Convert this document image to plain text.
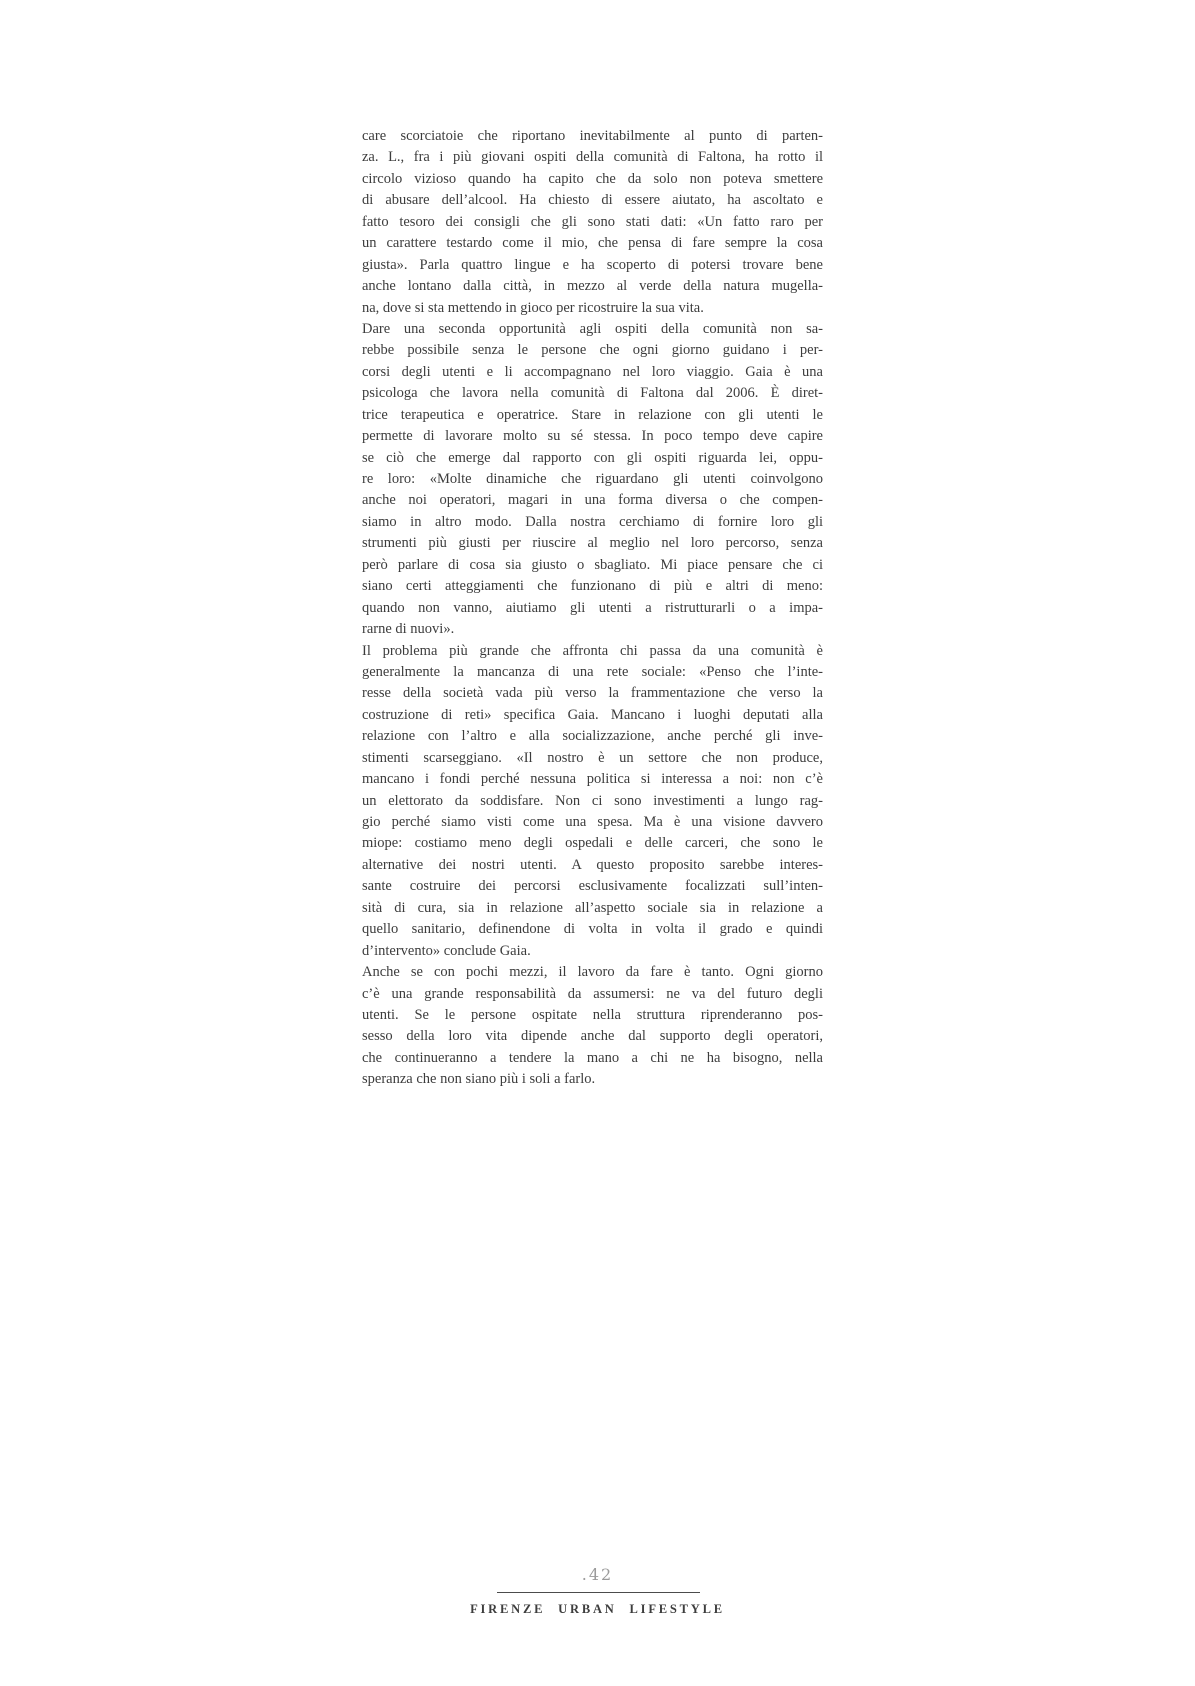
care scorciatoie che riportano inevitabilmente al punto di parten-
za. L., fra i più giovani ospiti della comunità di Faltona, ha rotto il
circolo vizioso quando ha capito che da solo non poteva smettere
di abusare dell’alcool. Ha chiesto di essere aiutato, ha ascoltato e
fatto tesoro dei consigli che gli sono stati dati: «Un fatto raro per
un carattere testardo come il mio, che pensa di fare sempre la cosa
giusta». Parla quattro lingue e ha scoperto di potersi trovare bene
anche lontano dalla città, in mezzo al verde della natura mugella-
na, dove si sta mettendo in gioco per ricostruire la sua vita.
Dare una seconda opportunità agli ospiti della comunità non sa-
rebbe possibile senza le persone che ogni giorno guidano i per-
corsi degli utenti e li accompagnano nel loro viaggio. Gaia è una
psicologa che lavora nella comunità di Faltona dal 2006. È diret-
trice terapeutica e operatrice. Stare in relazione con gli utenti le
permette di lavorare molto su sé stessa. In poco tempo deve capire
se ciò che emerge dal rapporto con gli ospiti riguarda lei, oppu-
re loro: «Molte dinamiche che riguardano gli utenti coinvolgono
anche noi operatori, magari in una forma diversa o che compen-
siamo in altro modo. Dalla nostra cerchiamo di fornire loro gli
strumenti più giusti per riuscire al meglio nel loro percorso, senza
però parlare di cosa sia giusto o sbagliato. Mi piace pensare che ci
siano certi atteggiamenti che funzionano di più e altri di meno:
quando non vanno, aiutiamo gli utenti a ristrutturarli o a impa-
rarne di nuovi».
Il problema più grande che affronta chi passa da una comunità è
generalmente la mancanza di una rete sociale: «Penso che l’inte-
resse della società vada più verso la frammentazione che verso la
costruzione di reti» specifica Gaia. Mancano i luoghi deputati alla
relazione con l’altro e alla socializzazione, anche perché gli inve-
stimenti scarseggiano. «Il nostro è un settore che non produce,
mancano i fondi perché nessuna politica si interessa a noi: non c’è
un elettorato da soddisfare. Non ci sono investimenti a lungo rag-
gio perché siamo visti come una spesa. Ma è una visione davvero
miope: costiamo meno degli ospedali e delle carceri, che sono le
alternative dei nostri utenti. A questo proposito sarebbe interes-
sante costruire dei percorsi esclusivamente focalizzati sull’inten-
sità di cura, sia in relazione all’aspetto sociale sia in relazione a
quello sanitario, definendone di volta in volta il grado e quindi
d’intervento» conclude Gaia.
Anche se con pochi mezzi, il lavoro da fare è tanto. Ogni giorno
c’è una grande responsabilità da assumersi: ne va del futuro degli
utenti. Se le persone ospitate nella struttura riprenderanno pos-
sesso della loro vita dipende anche dal supporto degli operatori,
che continueranno a tendere la mano a chi ne ha bisogno, nella
speranza che non siano più i soli a farlo.
.42
FIRENZE URBAN LIFESTYLE
